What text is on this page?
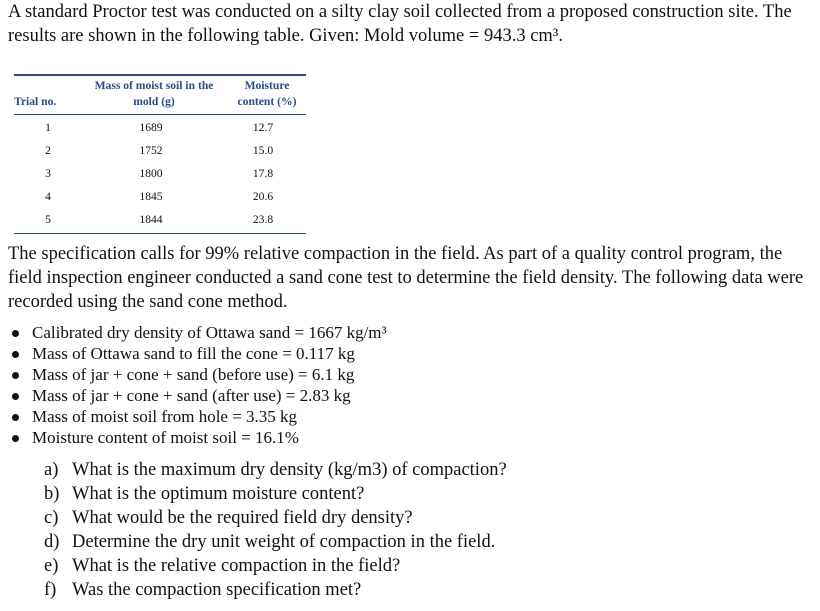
A standard Proctor test was conducted on a silty clay soil collected from a proposed construction site. The results are shown in the following table. Given: Mold volume = 943.3 cm³.
Trial no.	Mass of moist soil in the mold (g)	Moisture content (%)
1	1689	12.7
2	1752	15.0
3	1800	17.8
4	1845	20.6
5	1844	23.8
The specification calls for 99% relative compaction in the field. As part of a quality control program, the field inspection engineer conducted a sand cone test to determine the field density. The following data were recorded using the sand cone method.
Calibrated dry density of Ottawa sand = 1667 kg/m³
Mass of Ottawa sand to fill the cone = 0.117 kg
Mass of jar + cone + sand (before use) = 6.1 kg
Mass of jar + cone + sand (after use) = 2.83 kg
Mass of moist soil from hole = 3.35 kg
Moisture content of moist soil = 16.1%
a) What is the maximum dry density (kg/m3) of compaction?
b) What is the optimum moisture content?
c) What would be the required field dry density?
d) Determine the dry unit weight of compaction in the field.
e) What is the relative compaction in the field?
f) Was the compaction specification met?
